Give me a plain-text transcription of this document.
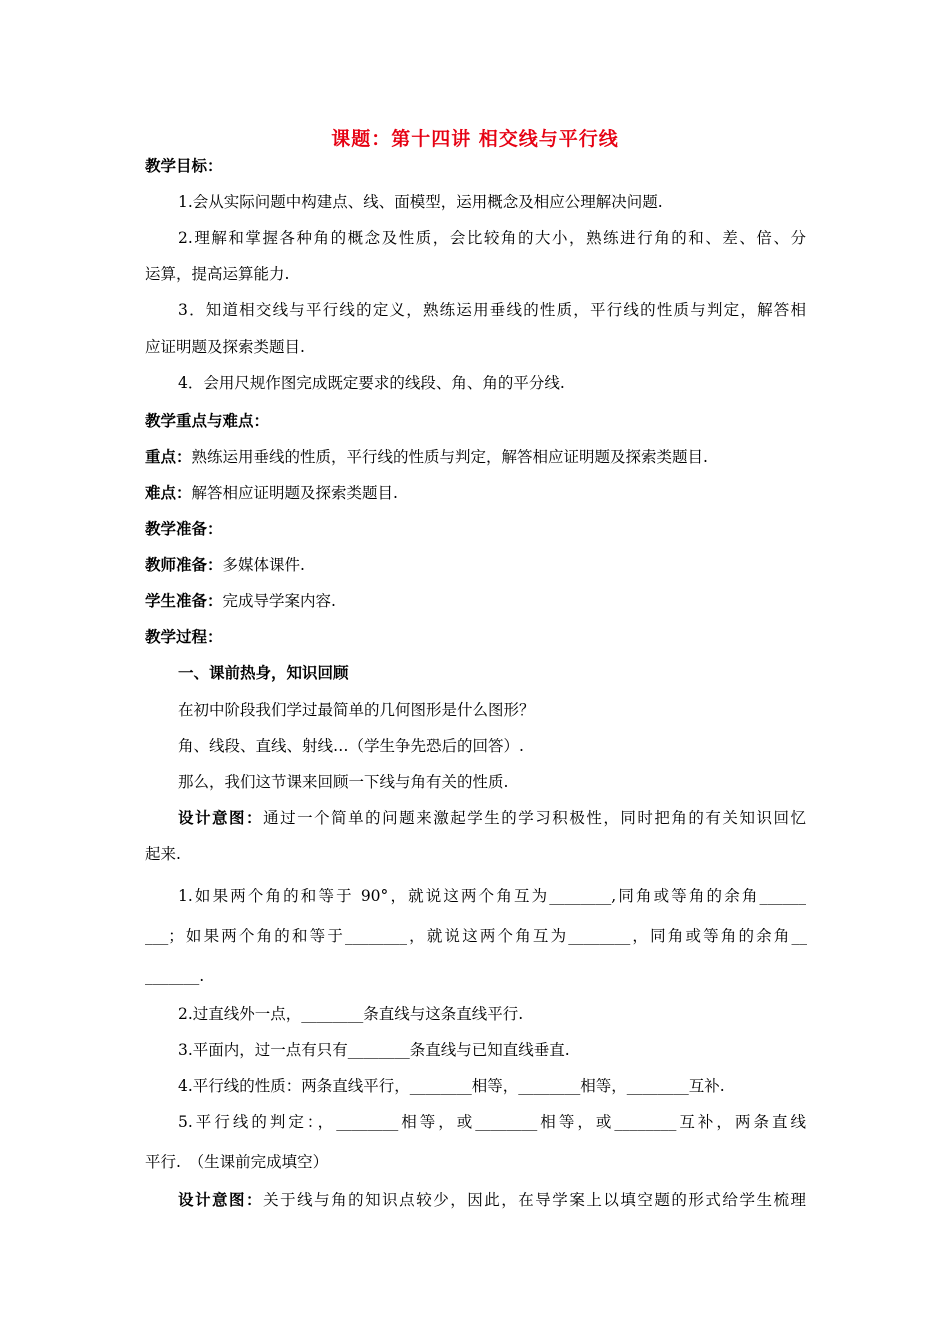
课题：第十四讲 相交线与平行线
教学目标：
1.会从实际问题中构建点、线、面模型，运用概念及相应公理解决问题.
2.理解和掌握各种角的概念及性质，会比较角的大小，熟练进行角的和、差、倍、分
运算，提高运算能力.
3．知道相交线与平行线的定义，熟练运用垂线的性质，平行线的性质与判定，解答相
应证明题及探索类题目.
4．会用尺规作图完成既定要求的线段、角、角的平分线.
教学重点与难点：
重点：熟练运用垂线的性质，平行线的性质与判定，解答相应证明题及探索类题目.
难点：解答相应证明题及探索类题目.
教学准备：
教师准备：多媒体课件.
学生准备：完成导学案内容.
教学过程：
一、课前热身，知识回顾
在初中阶段我们学过最简单的几何图形是什么图形？
角、线段、直线、射线…（学生争先恐后的回答）.
那么，我们这节课来回顾一下线与角有关的性质.
设计意图：通过一个简单的问题来激起学生的学习积极性，同时把角的有关知识回忆
起来.
1.如果两个角的和等于 90°，就说这两个角互为________,同角或等角的余角______
___；如果两个角的和等于________，就说这两个角互为________，同角或等角的余角__
_______.
2.过直线外一点，________条直线与这条直线平行.
3.平面内，过一点有只有________条直线与已知直线垂直.
4.平行线的性质：两条直线平行，________相等，________相等，________互补.
5.平行线的判定：，________相等，或________相等，或________互补，两条直线
平行.　（生课前完成填空）
设计意图：关于线与角的知识点较少，因此，在导学案上以填空题的形式给学生梳理
